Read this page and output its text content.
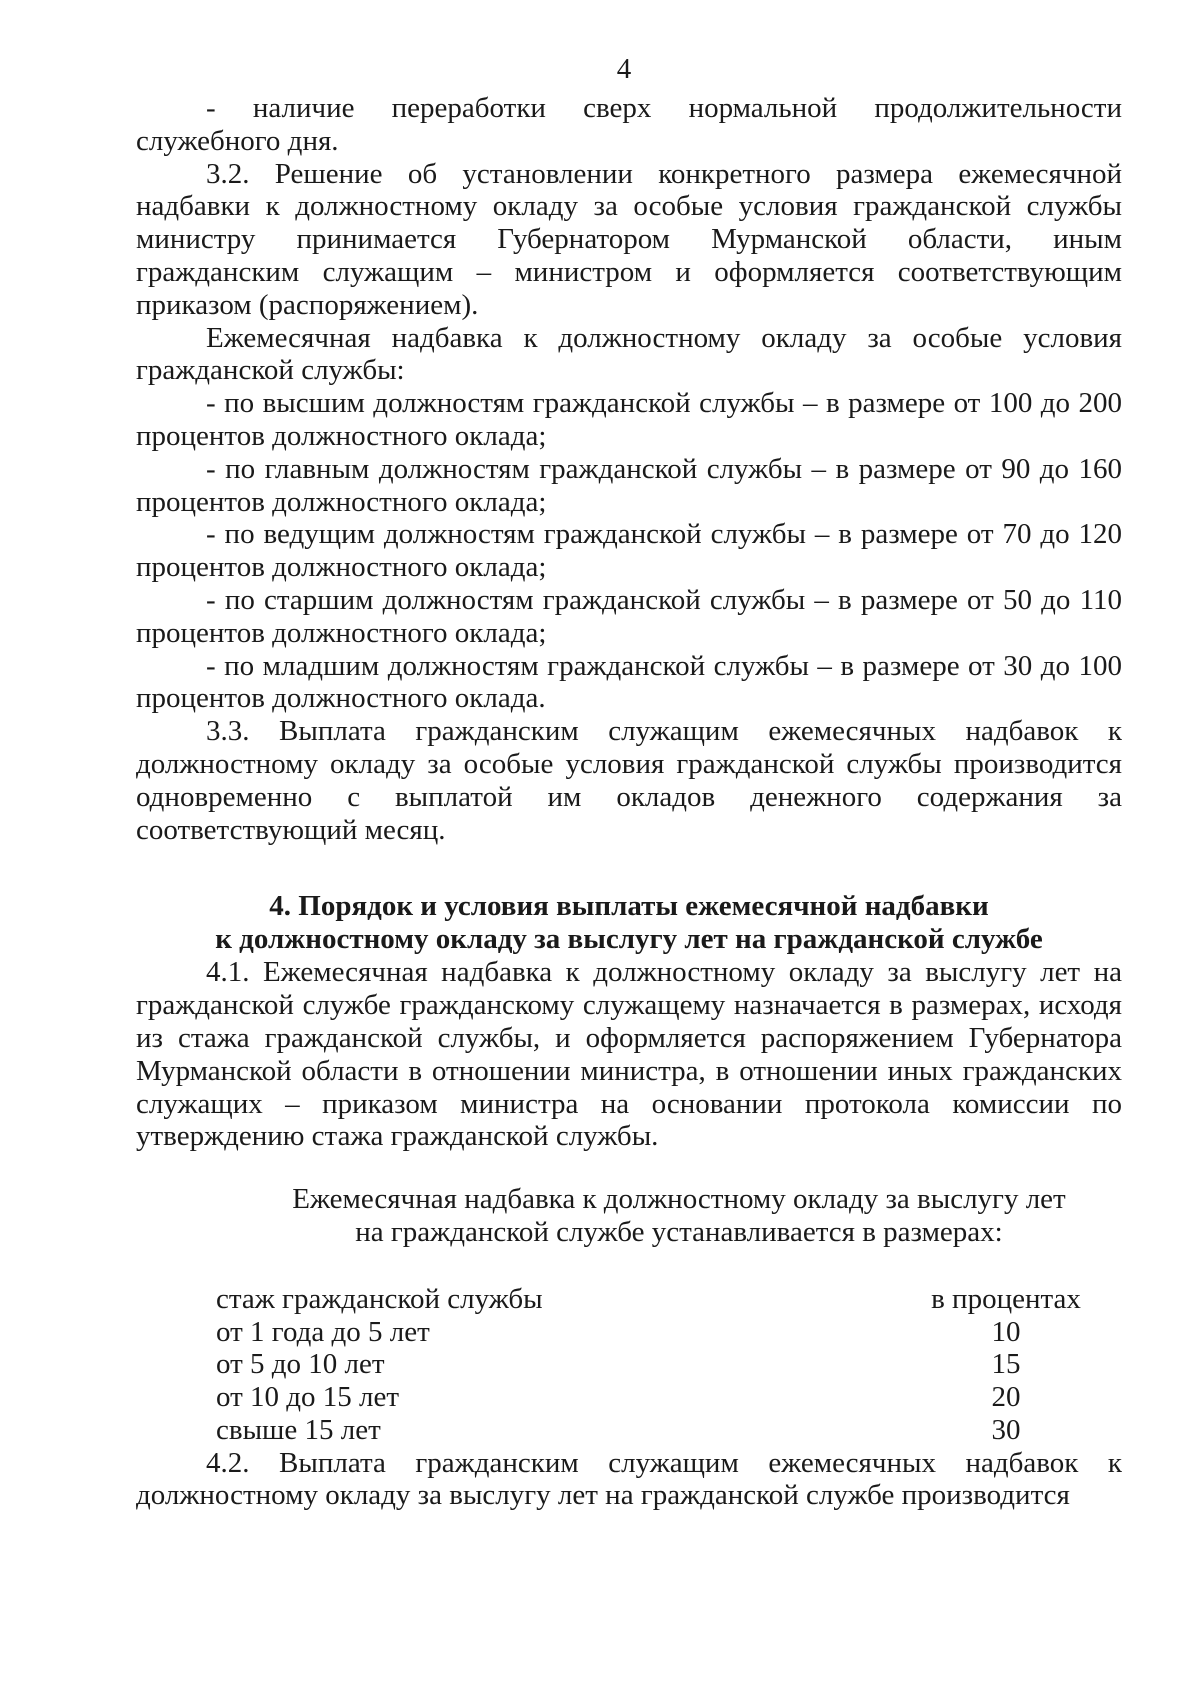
4

- наличие переработки сверх нормальной продолжительности служебного дня.

3.2. Решение об установлении конкретного размера ежемесячной надбавки к должностному окладу за особые условия гражданской службы министру принимается Губернатором Мурманской области, иным гражданским служащим – министром и оформляется соответствующим приказом (распоряжением).

Ежемесячная надбавка к должностному окладу за особые условия гражданской службы:

- по высшим должностям гражданской службы – в размере от 100 до 200 процентов должностного оклада;

- по главным должностям гражданской службы – в размере от 90 до 160 процентов должностного оклада;

- по ведущим должностям гражданской службы – в размере от 70 до 120 процентов должностного оклада;

- по старшим должностям гражданской службы – в размере от 50 до 110 процентов должностного оклада;

- по младшим должностям гражданской службы – в размере от 30 до 100 процентов должностного оклада.

3.3. Выплата гражданским служащим ежемесячных надбавок к должностному окладу за особые условия гражданской службы производится одновременно с выплатой им окладов денежного содержания за соответствующий месяц.

4. Порядок и условия выплаты ежемесячной надбавки
к должностному окладу за выслугу лет на гражданской службе

4.1. Ежемесячная надбавка к должностному окладу за выслугу лет на гражданской службе гражданскому служащему назначается в размерах, исходя из стажа гражданской службы, и оформляется распоряжением Губернатора Мурманской области в отношении министра, в отношении иных гражданских служащих – приказом министра на основании протокола комиссии по утверждению стажа гражданской службы.

Ежемесячная надбавка к должностному окладу за выслугу лет
на гражданской службе устанавливается в размерах:
стаж гражданской службы	в процентах
от 1 года до 5 лет	10
от 5 до 10 лет	15
от 10 до 15 лет	20
свыше 15 лет	30

4.2. Выплата гражданским служащим ежемесячных надбавок к должностному окладу за выслугу лет на гражданской службе производится
